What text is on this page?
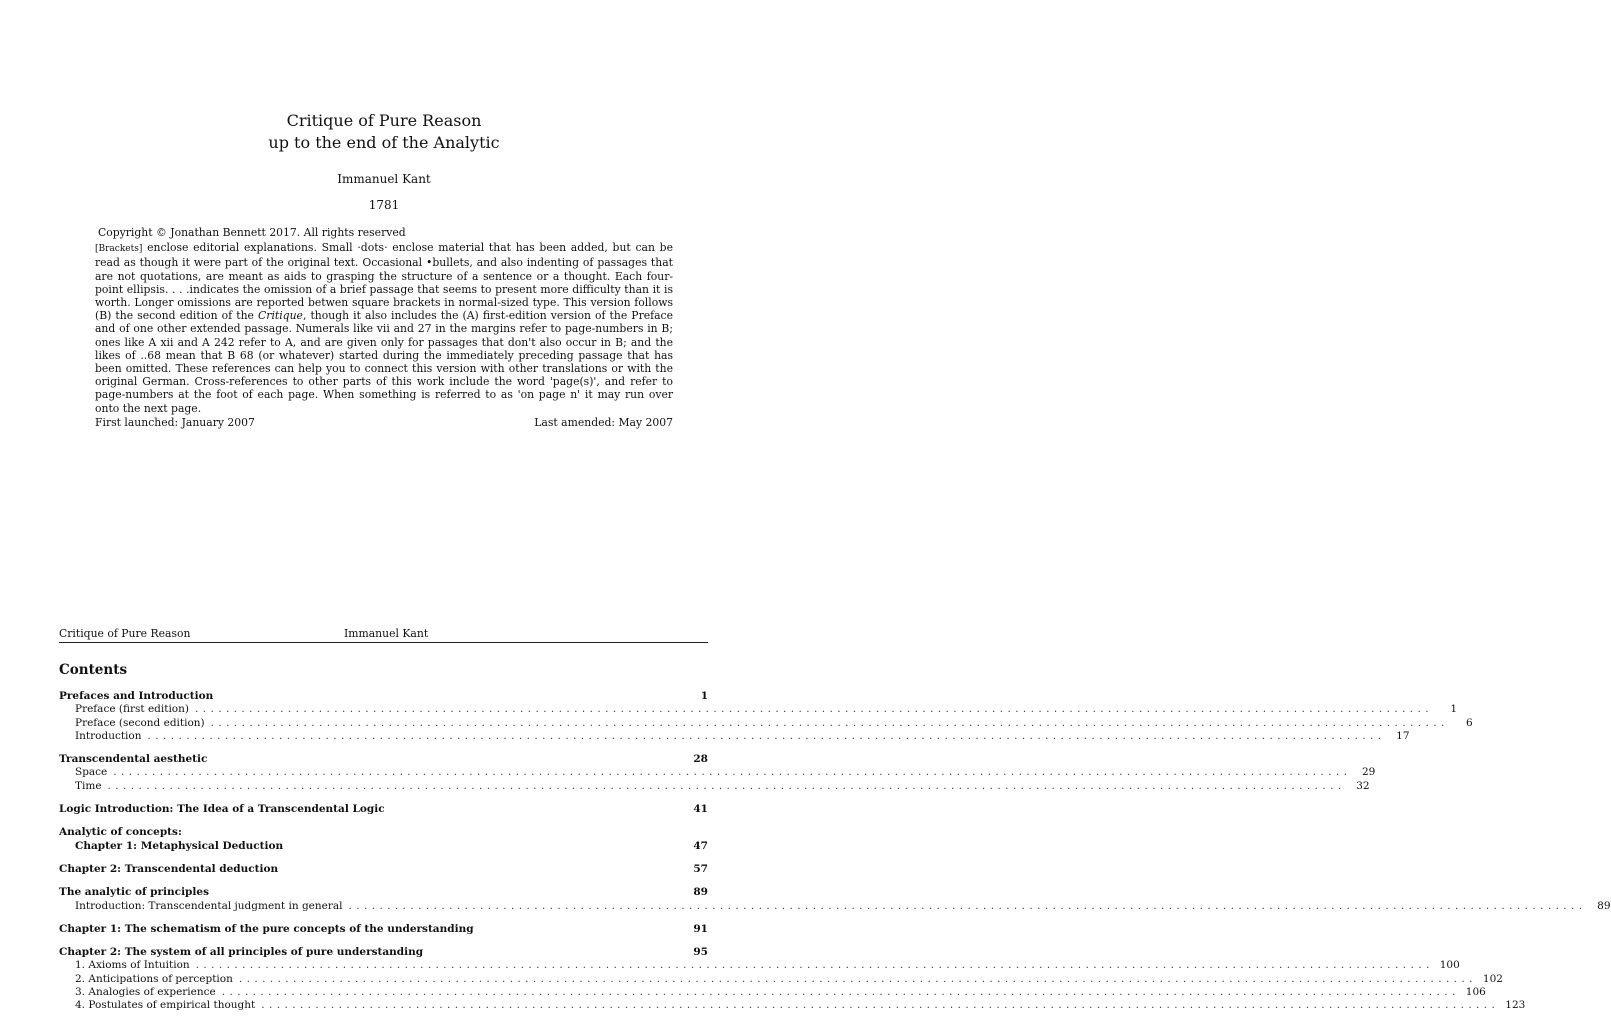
Critique of Pure Reason

up to the end of the Analytic

Immanuel Kant
1781
Copyright © Jonathan Bennett 2017. All rights reserved

[Brackets] enclose editorial explanations. Small ·dots· enclose material that has been added, but can be read as though it were part of the original text. Occasional •bullets, and also indenting of passages that are not quotations, are meant as aids to grasping the structure of a sentence or a thought. Each four-point ellipsis. . . .indicates the omission of a brief passage that seems to present more difficulty than it is worth. Longer omissions are reported betwen square brackets in normal-sized type. This version follows (B) the second edition of the Critique, though it also includes the (A) first-edition version of the Preface and of one other extended passage. Numerals like vii and 27 in the margins refer to page-numbers in B; ones like A xii and A 242 refer to A, and are given only for passages that don't also occur in B; and the likes of ..68 mean that B 68 (or whatever) started during the immediately preceding passage that has been omitted. These references can help you to connect this version with other translations or with the original German. Cross-references to other parts of this work include the word 'page(s)', and refer to page-numbers at the foot of each page. When something is referred to as 'on page n' it may run over onto the next page.

First launched: January 2007	Last amended: May 2007
Critique of Pure Reason	Immanuel Kant
Contents
Prefaces and Introduction	1
Preface (first edition) ................................................................................................................................................................	1
Preface (second edition) ................................................................................................................................................................	6
Introduction ................................................................................................................................................................	17
Transcendental aesthetic	28
Space ................................................................................................................................................................	29
Time ................................................................................................................................................................	32
Logic Introduction: The Idea of a Transcendental Logic	41
Analytic of concepts:
Chapter 1: Metaphysical Deduction	47
Chapter 2: Transcendental deduction	57
The analytic of principles	89
Introduction: Transcendental judgment in general ................................................................................................................................................................	89
Chapter 1: The schematism of the pure concepts of the understanding	91
Chapter 2: The system of all principles of pure understanding	95
1. Axioms of Intuition ................................................................................................................................................................ 100
2. Anticipations of perception ................................................................................................................................................................ 102
3. Analogies of experience ................................................................................................................................................................ 106
4. Postulates of empirical thought ................................................................................................................................................................ 123
